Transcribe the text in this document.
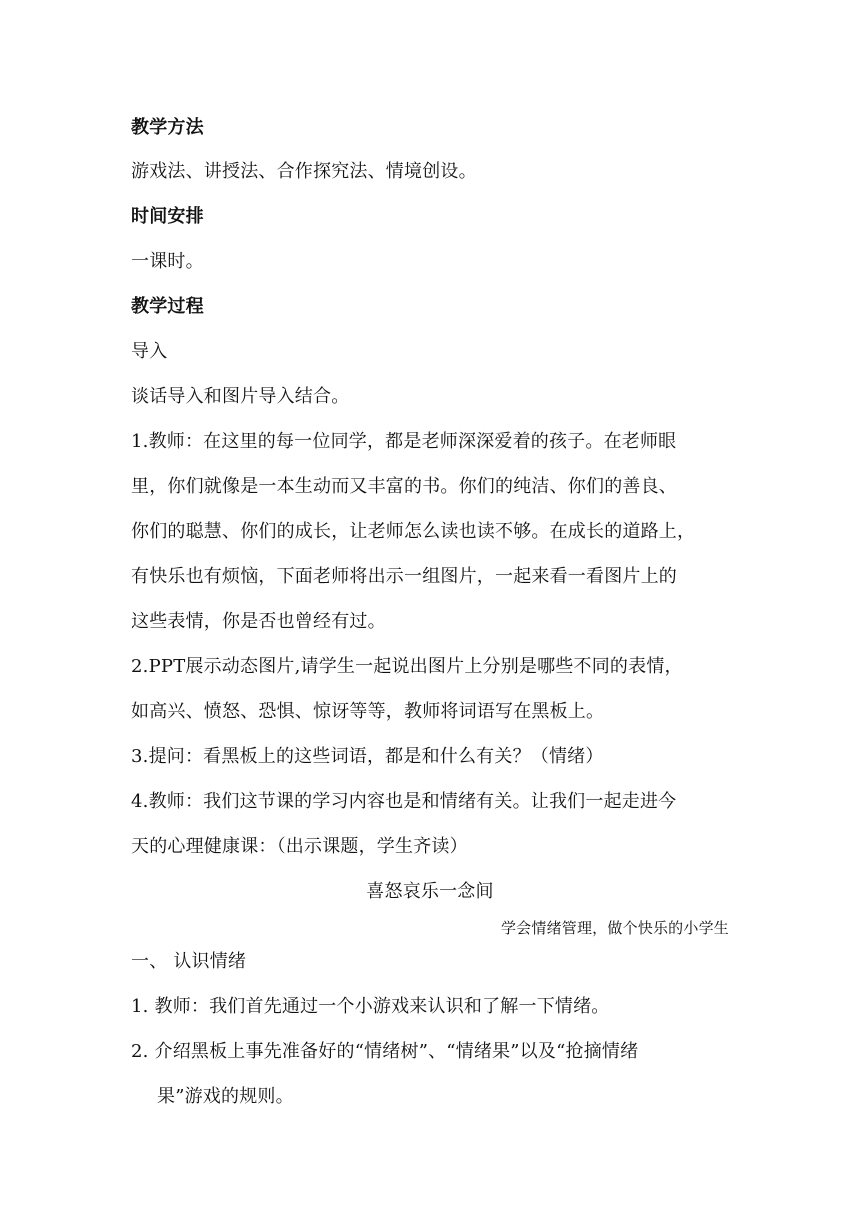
教学方法
游戏法、讲授法、合作探究法、情境创设。
时间安排
一课时。
教学过程
导入
谈话导入和图片导入结合。
1.教师：在这里的每一位同学，都是老师深深爱着的孩子。在老师眼
里，你们就像是一本生动而又丰富的书。你们的纯洁、你们的善良、
你们的聪慧、你们的成长，让老师怎么读也读不够。在成长的道路上，
有快乐也有烦恼，下面老师将出示一组图片，一起来看一看图片上的
这些表情，你是否也曾经有过。
2.PPT展示动态图片,请学生一起说出图片上分别是哪些不同的表情，
如高兴、愤怒、恐惧、惊讶等等，教师将词语写在黑板上。
3.提问：看黑板上的这些词语，都是和什么有关？（情绪）
4.教师：我们这节课的学习内容也是和情绪有关。让我们一起走进今
天的心理健康课：（出示课题，学生齐读）
喜怒哀乐一念间
学会情绪管理，做个快乐的小学生
一、 认识情绪
1. 教师：我们首先通过一个小游戏来认识和了解一下情绪。
2. 介绍黑板上事先准备好的“情绪树”、“情绪果”以及“抢摘情绪
果”游戏的规则。
